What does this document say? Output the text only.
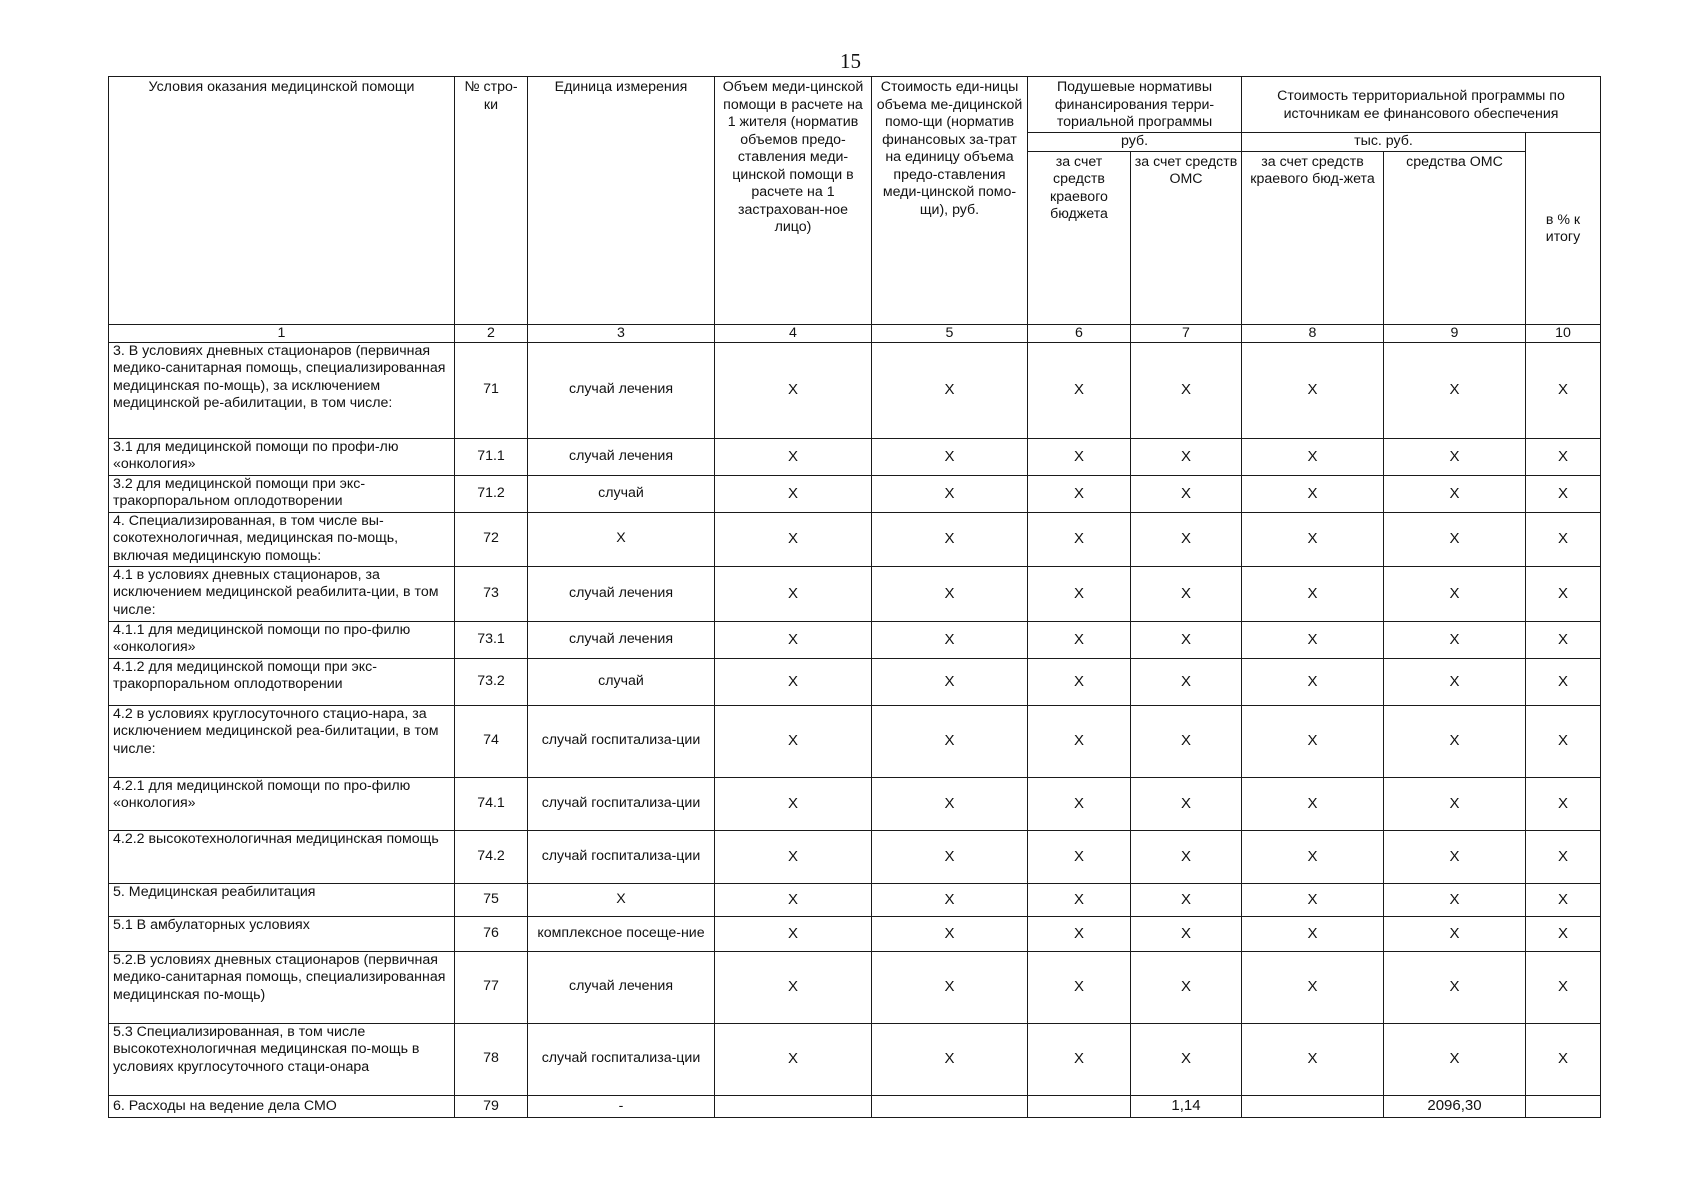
15
Условия оказания медицинской помощи	№ стро-ки	Единица измерения	Объем меди-цинской помощи в расчете на 1 жителя (норматив объемов предо-ставления меди-цинской помощи в расчете на 1 застрахован-ное лицо)	Стоимость еди-ницы объема ме-дицинской помо-щи (норматив финансовых за-трат на единицу объема предо-ставления меди-цинской помо-щи), руб.	Подушевые нормативы финансирования терри-ториальной программы		Стоимость территориальной программы по источникам ее финансового обеспечения		
					руб.		тыс. руб.		в % к итогу
					за счет средств краевого бюджета	за счет средств ОМС	за счет средств краевого бюд-жета	средства ОМС	
1	2	3	4	5	6	7	8	9	10
3. В условиях дневных стационаров (первичная медико-санитарная помощь, специализированная медицинская по-мощь), за исключением медицинской ре-абилитации, в том числе:	71	случай лечения	X	X	X	X	X	X	X
3.1 для медицинской помощи по профи-лю «онкология»	71.1	случай лечения	X	X	X	X	X	X	X
3.2 для медицинской помощи при экс-тракорпоральном оплодотворении	71.2	случай	X	X	X	X	X	X	X
4. Специализированная, в том числе вы-сокотехнологичная, медицинская по-мощь, включая медицинскую помощь:	72	X	X	X	X	X	X	X	X
4.1 в условиях дневных стационаров, за исключением медицинской реабилита-ции, в том числе:	73	случай лечения	X	X	X	X	X	X	X
4.1.1 для медицинской помощи по про-филю «онкология»	73.1	случай лечения	X	X	X	X	X	X	X
4.1.2 для медицинской помощи при экс-тракорпоральном оплодотворении	73.2	случай	X	X	X	X	X	X	X
4.2 в условиях круглосуточного стацио-нара, за исключением медицинской реа-билитации, в том числе:	74	случай госпитализа-ции	X	X	X	X	X	X	X
4.2.1 для медицинской помощи по про-филю «онкология»	74.1	случай госпитализа-ции	X	X	X	X	X	X	X
4.2.2 высокотехнологичная медицинская помощь	74.2	случай госпитализа-ции	X	X	X	X	X	X	X
5. Медицинская реабилитация	75	X	X	X	X	X	X	X	X
5.1 В амбулаторных условиях	76	комплексное посеще-ние	X	X	X	X	X	X	X
5.2.В условиях дневных стационаров (первичная медико-санитарная помощь, специализированная медицинская по-мощь)	77	случай лечения	X	X	X	X	X	X	X
5.3 Специализированная, в том числе высокотехнологичная медицинская по-мощь в условиях круглосуточного стаци-онара	78	случай госпитализа-ции	X	X	X	X	X	X	X
6. Расходы на ведение дела СМО	79	-				1,14		2096,30	
